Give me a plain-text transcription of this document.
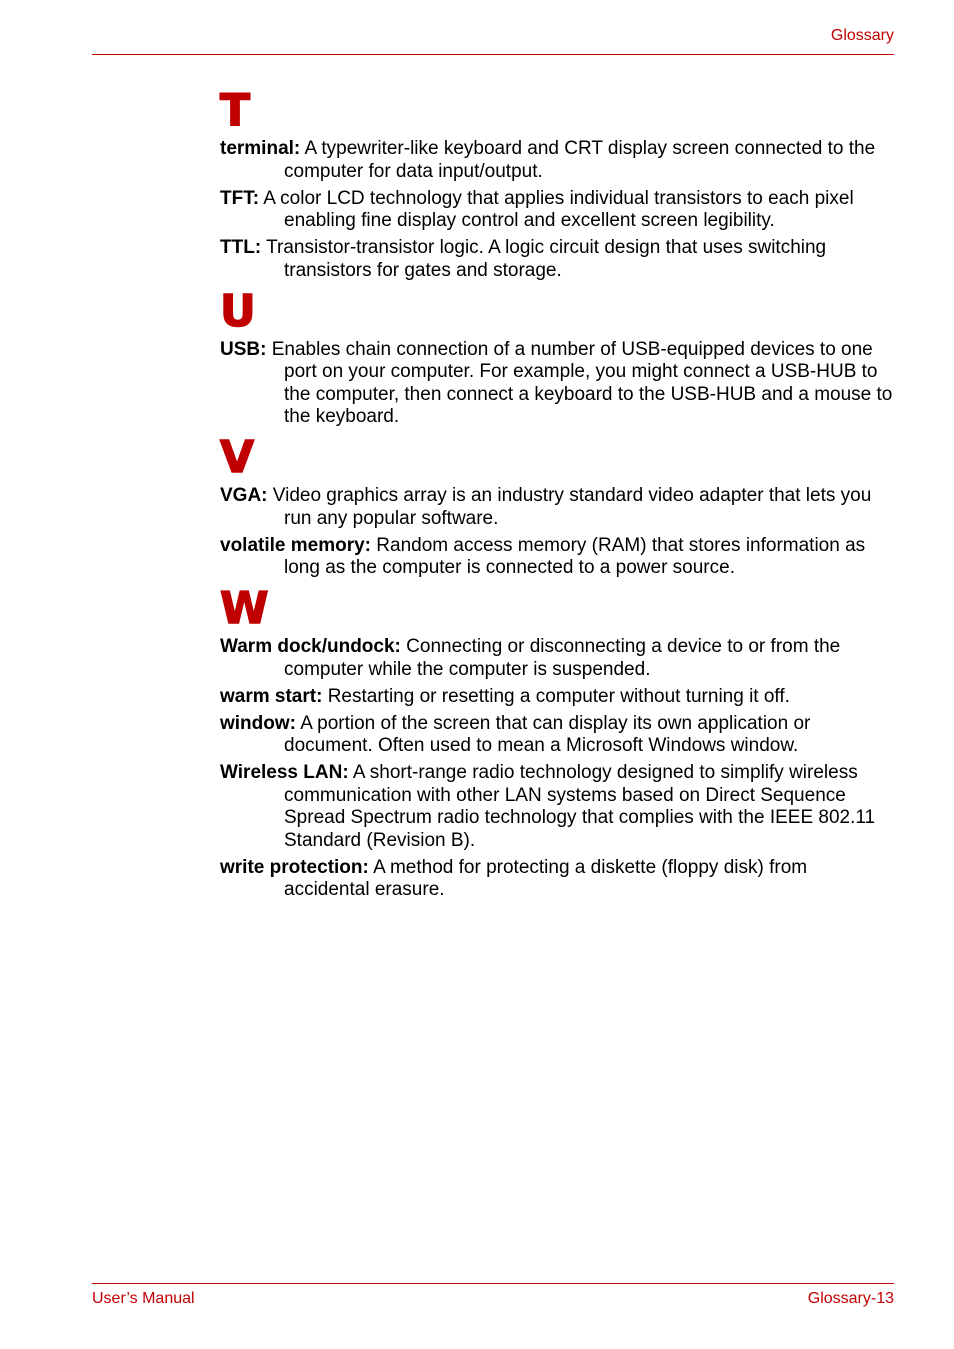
Glossary
T

terminal: A typewriter-like keyboard and CRT display screen connected to the computer for data input/output.

TFT: A color LCD technology that applies individual transistors to each pixel enabling fine display control and excellent screen legibility.

TTL: Transistor-transistor logic. A logic circuit design that uses switching transistors for gates and storage.

U

USB: Enables chain connection of a number of USB-equipped devices to one port on your computer. For example, you might connect a USB-HUB to the computer, then connect a keyboard to the USB-HUB and a mouse to the keyboard.

V

VGA: Video graphics array is an industry standard video adapter that lets you run any popular software.

volatile memory: Random access memory (RAM) that stores information as long as the computer is connected to a power source.

W

Warm dock/undock: Connecting or disconnecting a device to or from the computer while the computer is suspended.

warm start: Restarting or resetting a computer without turning it off.

window: A portion of the screen that can display its own application or document. Often used to mean a Microsoft Windows window.

Wireless LAN: A short-range radio technology designed to simplify wireless communication with other LAN systems based on Direct Sequence Spread Spectrum radio technology that complies with the IEEE 802.11 Standard (Revision B).

write protection: A method for protecting a diskette (floppy disk) from accidental erasure.

User’s Manual	Glossary-13
